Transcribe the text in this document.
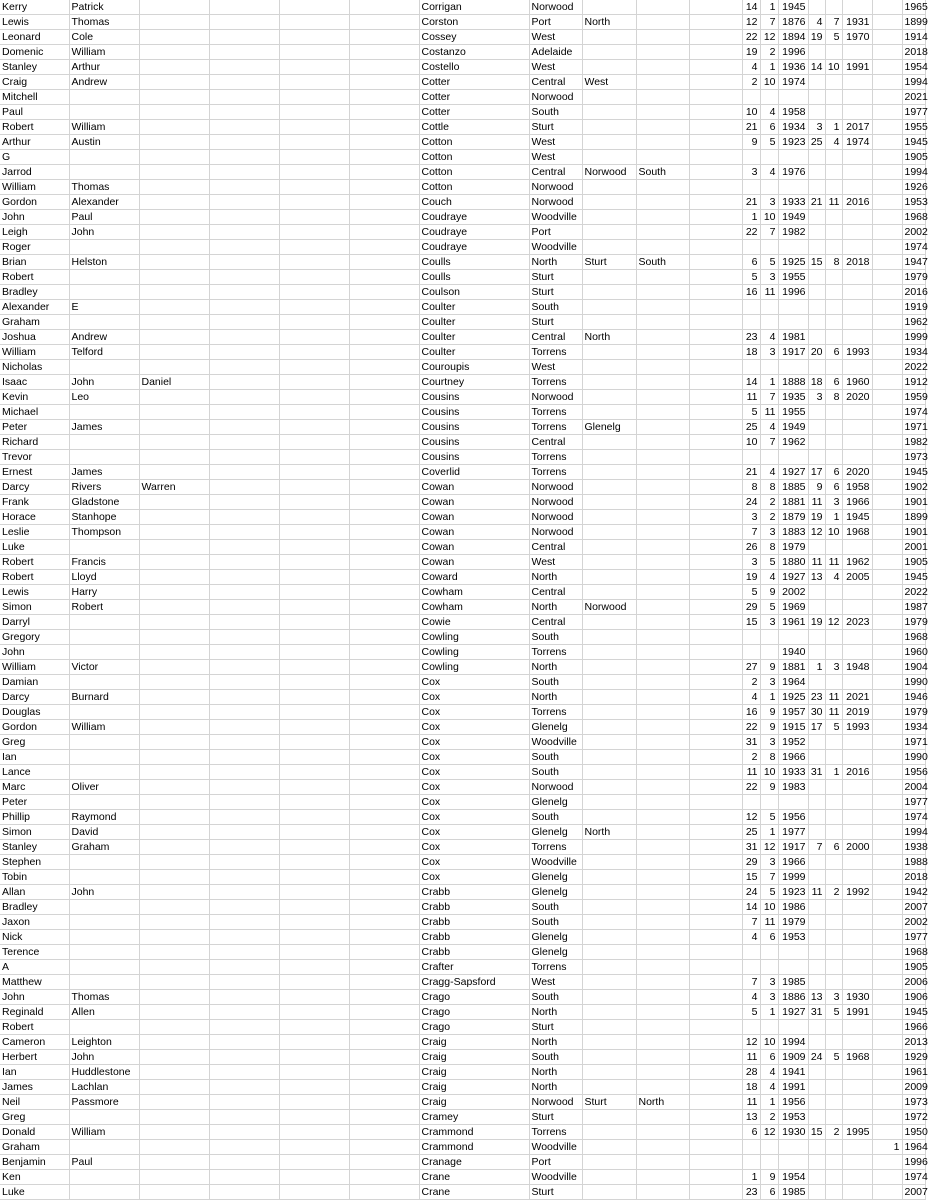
Kerry	Patrick					Corrigan	Norwood				14	1	1945					1965
Lewis	Thomas					Corston	Port	North			12	7	1876	4	7	1931		1899
Leonard	Cole					Cossey	West				22	12	1894	19	5	1970		1914
Domenic	William					Costanzo	Adelaide				19	2	1996					2018
Stanley	Arthur					Costello	West				4	1	1936	14	10	1991		1954
Craig	Andrew					Cotter	Central	West			2	10	1974					1994
Mitchell						Cotter	Norwood											2021
Paul						Cotter	South				10	4	1958					1977
Robert	William					Cottle	Sturt				21	6	1934	3	1	2017		1955
Arthur	Austin					Cotton	West				9	5	1923	25	4	1974		1945
G						Cotton	West											1905
Jarrod						Cotton	Central	Norwood	South		3	4	1976					1994
William	Thomas					Cotton	Norwood											1926
Gordon	Alexander					Couch	Norwood				21	3	1933	21	11	2016		1953
John	Paul					Coudraye	Woodville				1	10	1949					1968
Leigh	John					Coudraye	Port				22	7	1982					2002
Roger						Coudraye	Woodville											1974
Brian	Helston					Coulls	North	Sturt	South		6	5	1925	15	8	2018		1947
Robert						Coulls	Sturt				5	3	1955					1979
Bradley						Coulson	Sturt				16	11	1996					2016
Alexander	E					Coulter	South											1919
Graham						Coulter	Sturt											1962
Joshua	Andrew					Coulter	Central	North			23	4	1981					1999
William	Telford					Coulter	Torrens				18	3	1917	20	6	1993		1934
Nicholas						Couroupis	West											2022
Isaac	John	Daniel				Courtney	Torrens				14	1	1888	18	6	1960		1912
Kevin	Leo					Cousins	Norwood				11	7	1935	3	8	2020		1959
Michael						Cousins	Torrens				5	11	1955					1974
Peter	James					Cousins	Torrens	Glenelg			25	4	1949					1971
Richard						Cousins	Central				10	7	1962					1982
Trevor						Cousins	Torrens											1973
Ernest	James					Coverlid	Torrens				21	4	1927	17	6	2020		1945
Darcy	Rivers	Warren				Cowan	Norwood				8	8	1885	9	6	1958		1902
Frank	Gladstone					Cowan	Norwood				24	2	1881	11	3	1966		1901
Horace	Stanhope					Cowan	Norwood				3	2	1879	19	1	1945		1899
Leslie	Thompson					Cowan	Norwood				7	3	1883	12	10	1968		1901
Luke						Cowan	Central				26	8	1979					2001
Robert	Francis					Cowan	West				3	5	1880	11	11	1962		1905
Robert	Lloyd					Coward	North				19	4	1927	13	4	2005		1945
Lewis	Harry					Cowham	Central				5	9	2002					2022
Simon	Robert					Cowham	North	Norwood			29	5	1969					1987
Darryl						Cowie	Central				15	3	1961	19	12	2023		1979
Gregory						Cowling	South											1968
John						Cowling	Torrens						1940					1960
William	Victor					Cowling	North				27	9	1881	1	3	1948		1904
Damian						Cox	South				2	3	1964					1990
Darcy	Burnard					Cox	North				4	1	1925	23	11	2021		1946
Douglas						Cox	Torrens				16	9	1957	30	11	2019		1979
Gordon	William					Cox	Glenelg				22	9	1915	17	5	1993		1934
Greg						Cox	Woodville				31	3	1952					1971
Ian						Cox	South				2	8	1966					1990
Lance						Cox	South				11	10	1933	31	1	2016		1956
Marc	Oliver					Cox	Norwood				22	9	1983					2004
Peter						Cox	Glenelg											1977
Phillip	Raymond					Cox	South				12	5	1956					1974
Simon	David					Cox	Glenelg	North			25	1	1977					1994
Stanley	Graham					Cox	Torrens				31	12	1917	7	6	2000		1938
Stephen						Cox	Woodville				29	3	1966					1988
Tobin						Cox	Glenelg				15	7	1999					2018
Allan	John					Crabb	Glenelg				24	5	1923	11	2	1992		1942
Bradley						Crabb	South				14	10	1986					2007
Jaxon						Crabb	South				7	11	1979					2002
Nick						Crabb	Glenelg				4	6	1953					1977
Terence						Crabb	Glenelg											1968
A						Crafter	Torrens											1905
Matthew						Cragg-Sapsford	West				7	3	1985					2006
John	Thomas					Crago	South				4	3	1886	13	3	1930		1906
Reginald	Allen					Crago	North				5	1	1927	31	5	1991		1945
Robert						Crago	Sturt											1966
Cameron	Leighton					Craig	North				12	10	1994					2013
Herbert	John					Craig	South				11	6	1909	24	5	1968		1929
Ian	Huddlestone					Craig	North				28	4	1941					1961
James	Lachlan					Craig	North				18	4	1991					2009
Neil	Passmore					Craig	Norwood	Sturt	North		11	1	1956					1973
Greg						Cramey	Sturt				13	2	1953					1972
Donald	William					Crammond	Torrens				6	12	1930	15	2	1995		1950
Graham						Crammond	Woodville										1	1964
Benjamin	Paul					Cranage	Port											1996
Ken						Crane	Woodville				1	9	1954					1974
Luke						Crane	Sturt				23	6	1985					2007
